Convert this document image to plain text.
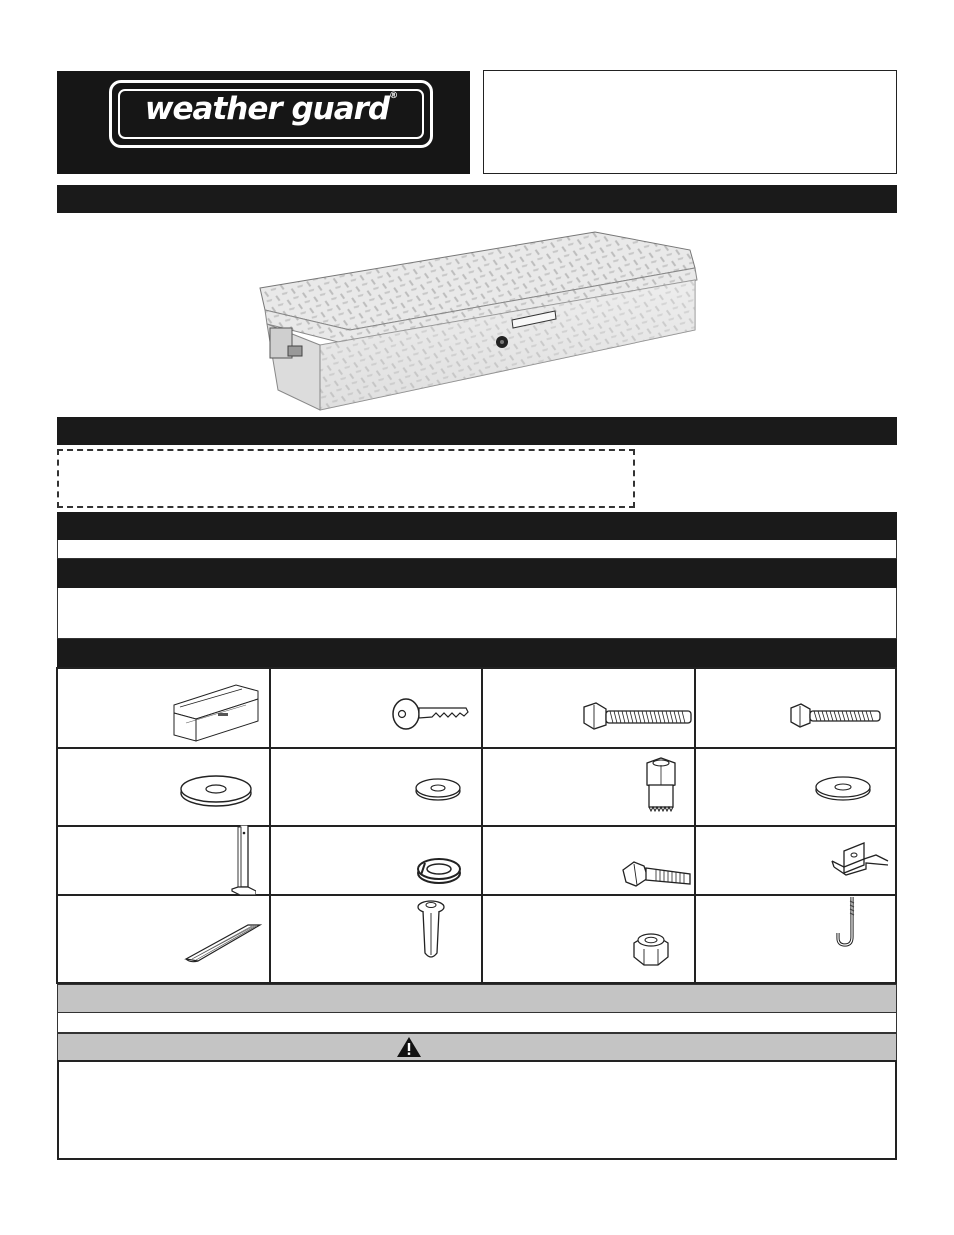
weather guard®
